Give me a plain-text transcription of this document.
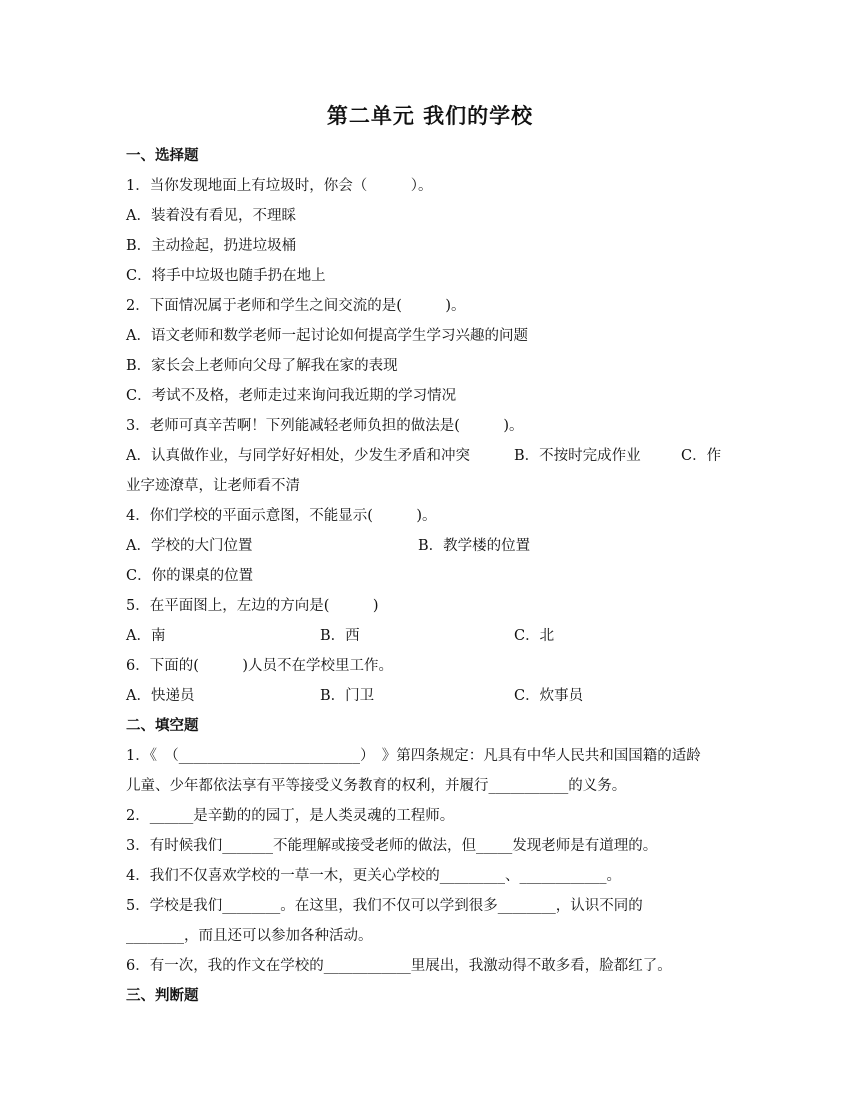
第二单元 我们的学校
一、选择题
1．当你发现地面上有垃圾时，你会（　　　）。
A．装着没有看见，不理睬
B．主动捡起，扔进垃圾桶
C．将手中垃圾也随手扔在地上
2．下面情况属于老师和学生之间交流的是(　　　)。
A．语文老师和数学老师一起讨论如何提高学生学习兴趣的问题
B．家长会上老师向父母了解我在家的表现
C．考试不及格，老师走过来询问我近期的学习情况
3．老师可真辛苦啊！下列能减轻老师负担的做法是(　　　)。
A．认真做作业，与同学好好相处，少发生矛盾和冲突	B．不按时完成作业	C．作
业字迹潦草，让老师看不清
4．你们学校的平面示意图，不能显示(　　　)。
A．学校的大门位置	B．教学楼的位置
C．你的课桌的位置
5．在平面图上，左边的方向是(　　　)
A．南	B．西	C．北
6．下面的(　　　)人员不在学校里工作。
A．快递员	B．门卫	C．炊事员
二、填空题
1．《　（_________________________）　》第四条规定：凡具有中华人民共和国国籍的适龄
儿童、少年都依法享有平等接受义务教育的权利，并履行___________的义务。
2．______是辛勤的的园丁，是人类灵魂的工程师。
3．有时候我们_______不能理解或接受老师的做法，但_____发现老师是有道理的。
4．我们不仅喜欢学校的一草一木，更关心学校的_________、____________。
5．学校是我们________。在这里，我们不仅可以学到很多________，认识不同的
________，而且还可以参加各种活动。
6．有一次，我的作文在学校的____________里展出，我激动得不敢多看，脸都红了。
三、判断题
